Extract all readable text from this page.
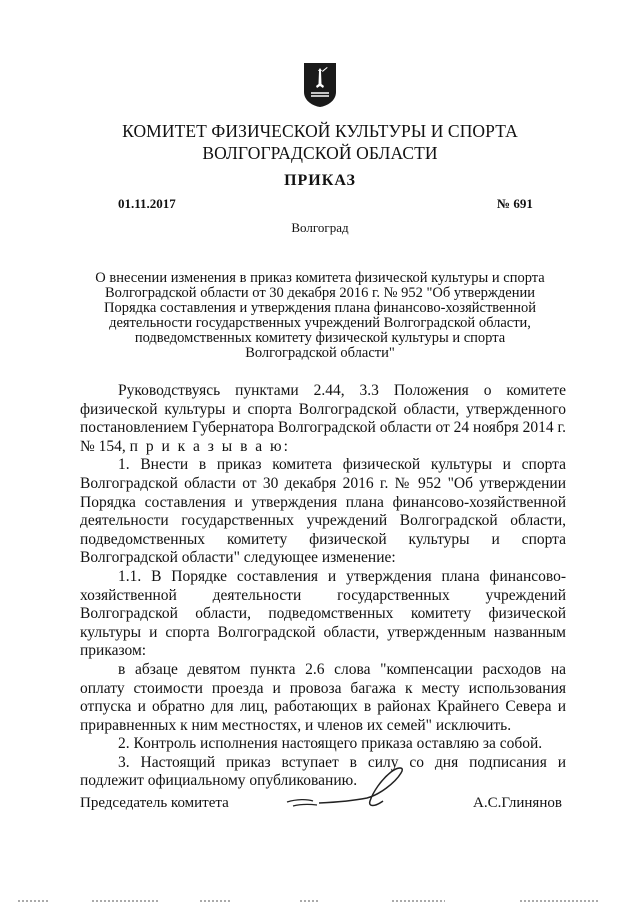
КОМИТЕТ ФИЗИЧЕСКОЙ КУЛЬТУРЫ И СПОРТА
ВОЛГОГРАДСКОЙ ОБЛАСТИ
ПРИКАЗ
01.11.2017	№ 691
Волгоград
О внесении изменения в приказ комитета физической культуры и спорта
Волгоградской области от 30 декабря 2016 г. № 952 "Об утверждении
Порядка составления и утверждения плана финансово-хозяйственной
деятельности государственных учреждений Волгоградской области,
подведомственных комитету физической культуры и спорта
Волгоградской области"

Руководствуясь пунктами 2.44, 3.3 Положения о комитете физической культуры и спорта Волгоградской области, утвержденного постановлением Губернатора Волгоградской области от 24 ноября 2014 г. № 154, п р и к а з ы в а ю:

1. Внести в приказ комитета физической культуры и спорта Волгоградской области от 30 декабря 2016 г. № 952 "Об утверждении Порядка составления и утверждения плана финансово-хозяйственной деятельности государственных учреждений Волгоградской области, подведомственных комитету физической культуры и спорта Волгоградской области" следующее изменение:

1.1. В Порядке составления и утверждения плана финансово-хозяйственной деятельности государственных учреждений Волгоградской области, подведомственных комитету физической культуры и спорта Волгоградской области, утвержденным названным приказом:

в абзаце девятом пункта 2.6 слова "компенсации расходов на оплату стоимости проезда и провоза багажа к месту использования отпуска и обратно для лиц, работающих в районах Крайнего Севера и приравненных к ним местностях, и членов их семей" исключить.

2. Контроль исполнения настоящего приказа оставляю за собой.

3. Настоящий приказ вступает в силу со дня подписания и подлежит официальному опубликованию.

Председатель комитета	А.С.Глинянов
